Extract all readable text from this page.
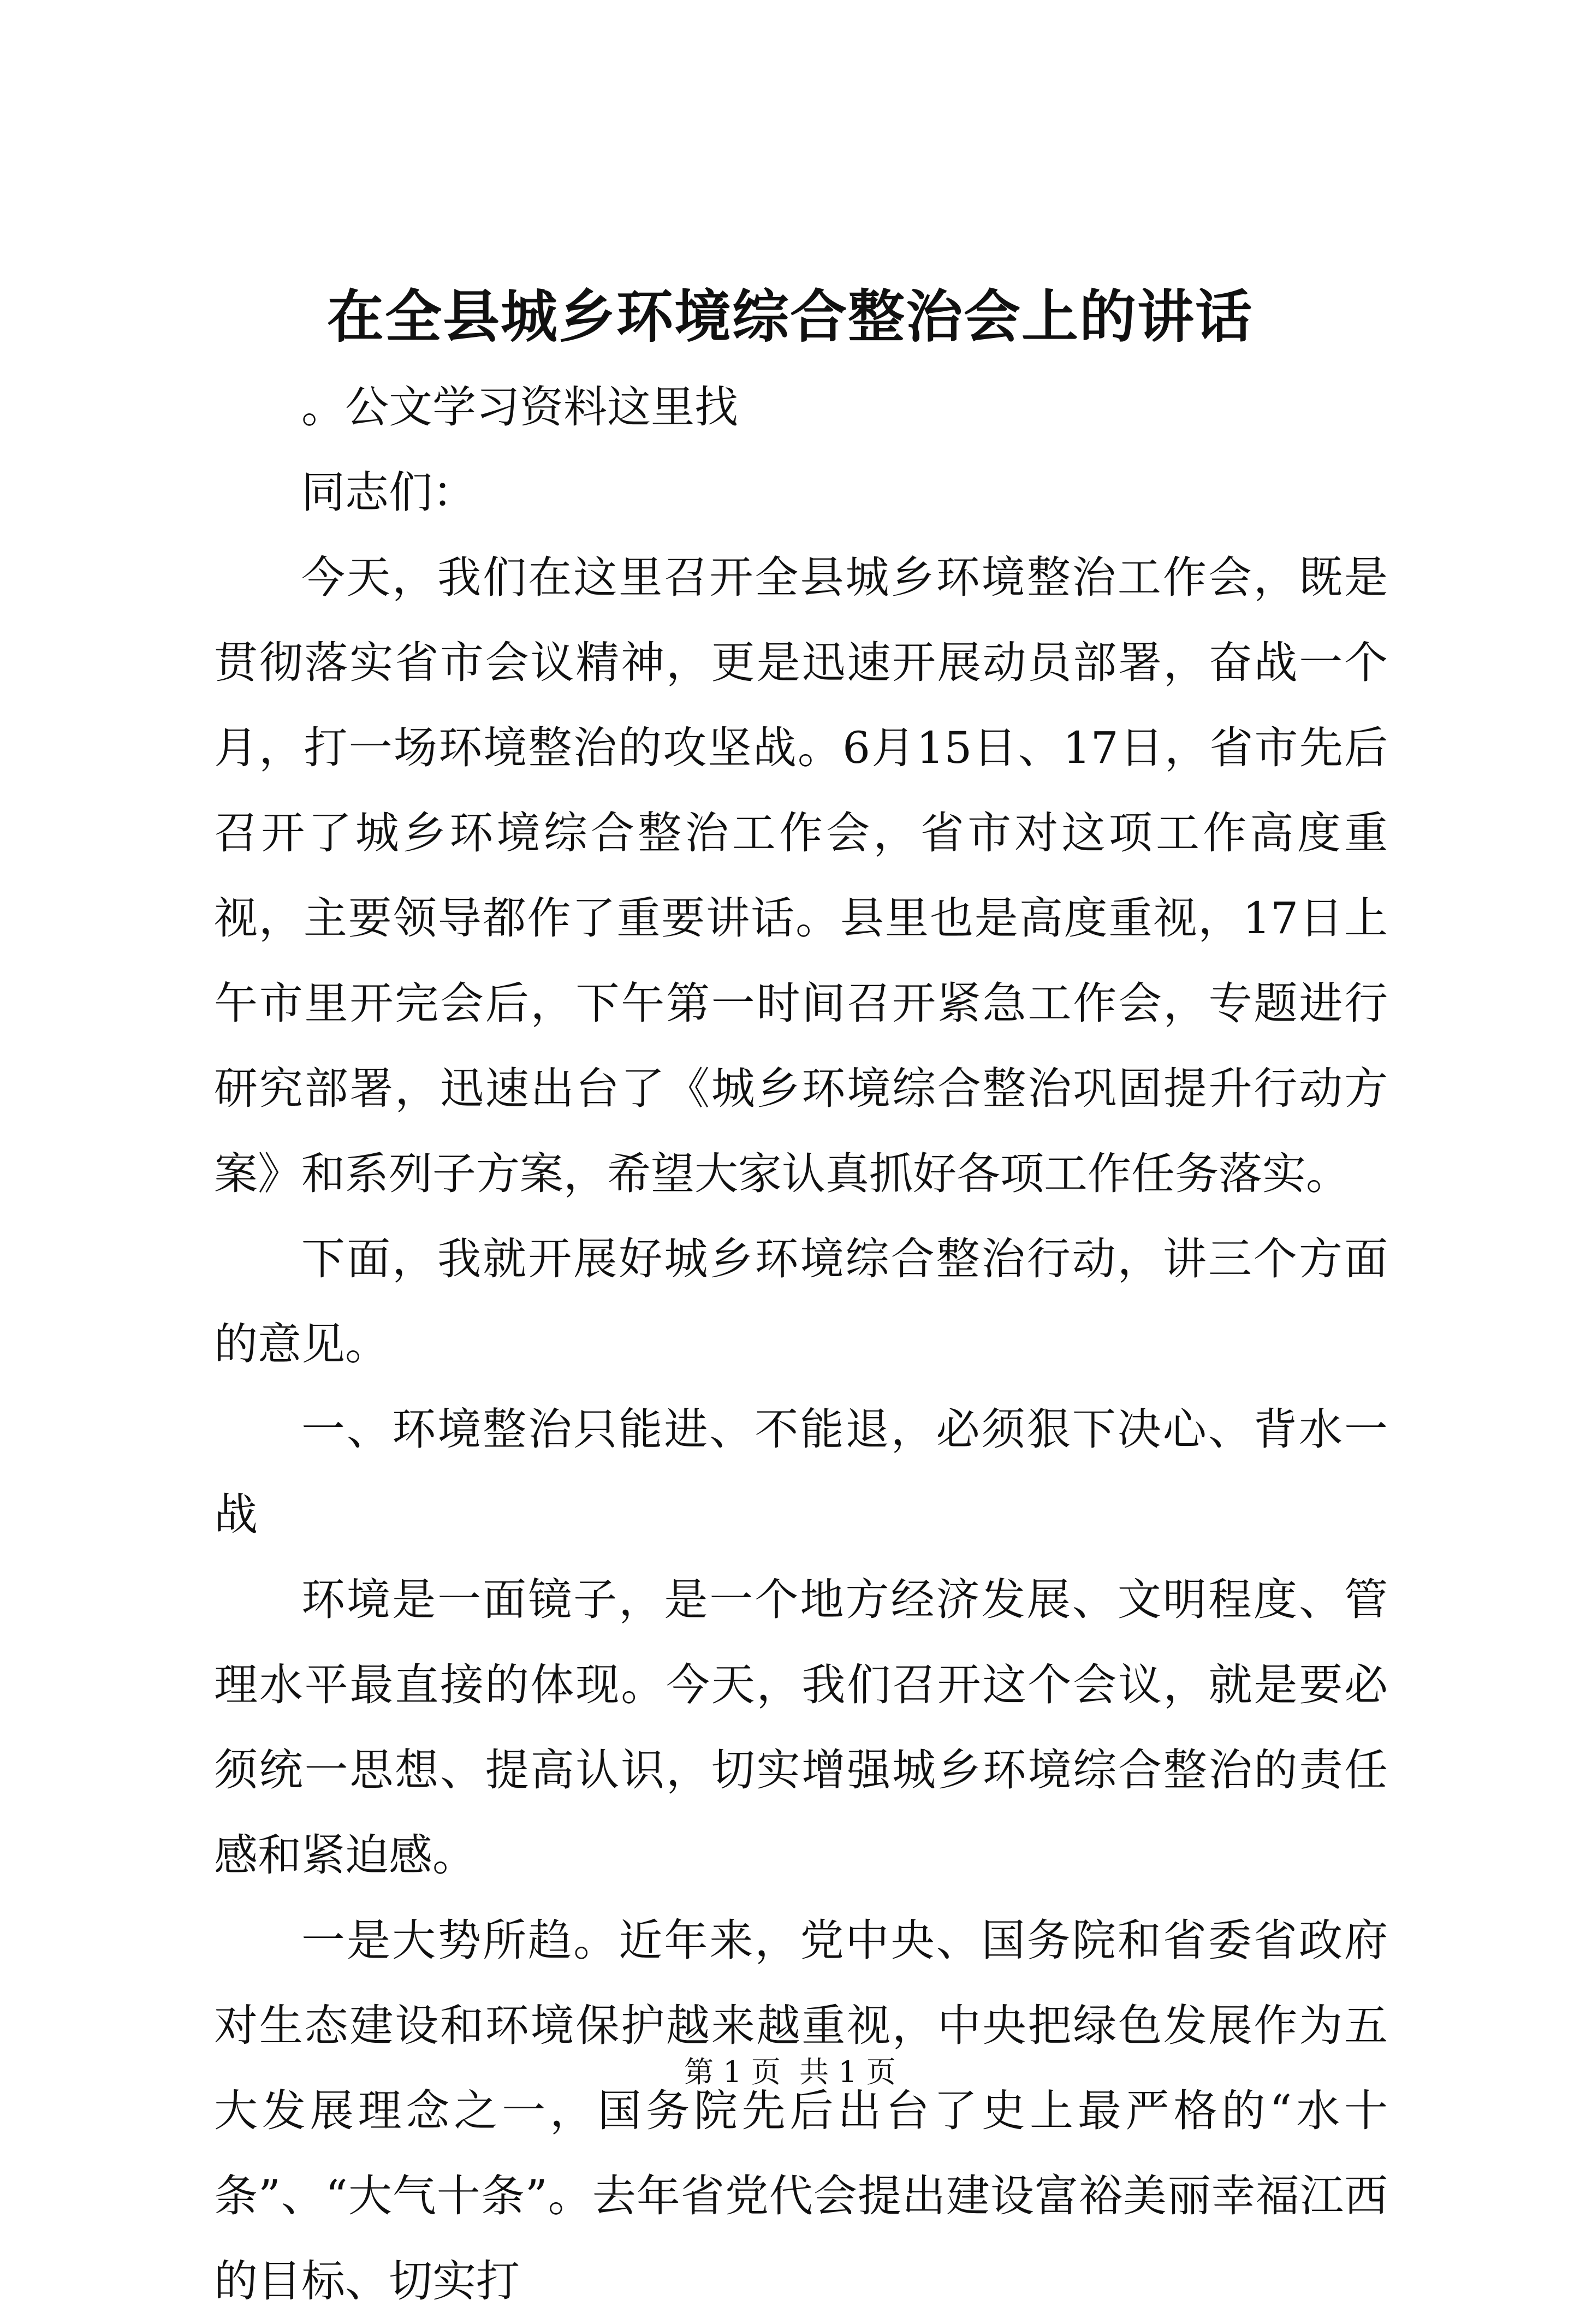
在全县城乡环境综合整治会上的讲话

。公文学习资料这里找

同志们：

今天，我们在这里召开全县城乡环境整治工作会，既是贯彻落实省市会议精神，更是迅速开展动员部署，奋战一个月，打一场环境整治的攻坚战。6月15日、17日，省市先后召开了城乡环境综合整治工作会，省市对这项工作高度重视，主要领导都作了重要讲话。县里也是高度重视，17日上午市里开完会后，下午第一时间召开紧急工作会，专题进行研究部署，迅速出台了《城乡环境综合整治巩固提升行动方案》和系列子方案，希望大家认真抓好各项工作任务落实。

下面，我就开展好城乡环境综合整治行动，讲三个方面的意见。

一、环境整治只能进、不能退，必须狠下决心、背水一战

环境是一面镜子，是一个地方经济发展、文明程度、管理水平最直接的体现。今天，我们召开这个会议，就是要必须统一思想、提高认识，切实增强城乡环境综合整治的责任感和紧迫感。

一是大势所趋。近年来，党中央、国务院和省委省政府对生态建设和环境保护越来越重视，中央把绿色发展作为五大发展理念之一，国务院先后出台了史上最严格的“水十条”、“大气十条”。去年省党代会提出建设富裕美丽幸福江西的目标、切实打

第 1 页  共 1 页
